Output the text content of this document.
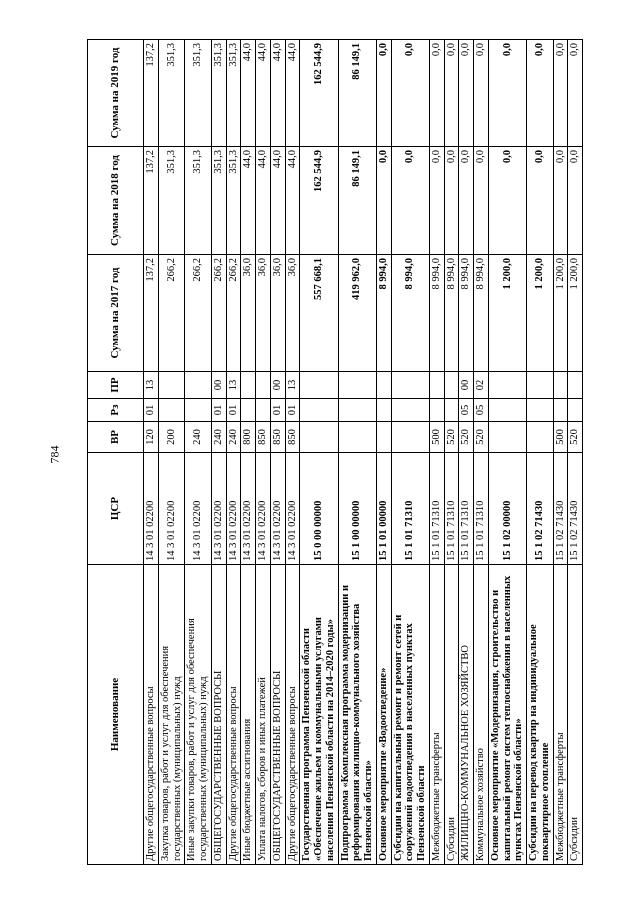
784
Наименование	ЦСР	ВР	Рз	ПР	Сумма на 2017 год	Сумма на 2018 год	Сумма на 2019 год
Другие общегосударственные вопросы	14 3 01 02200	120	01	13	137,2	137,2	137,2
Закупка товаров, работ и услуг для обеспечения государственных (муниципальных) нужд	14 3 01 02200	200			266,2	351,3	351,3
Иные закупки товаров, работ и услуг для обеспечения государственных (муниципальных) нужд	14 3 01 02200	240			266,2	351,3	351,3
ОБЩЕГОСУДАРСТВЕННЫЕ ВОПРОСЫ	14 3 01 02200	240	01	00	266,2	351,3	351,3
Другие общегосударственные вопросы	14 3 01 02200	240	01	13	266,2	351,3	351,3
Иные бюджетные ассигнования	14 3 01 02200	800			36,0	44,0	44,0
Уплата налогов, сборов и иных платежей	14 3 01 02200	850			36,0	44,0	44,0
ОБЩЕГОСУДАРСТВЕННЫЕ ВОПРОСЫ	14 3 01 02200	850	01	00	36,0	44,0	44,0
Другие общегосударственные вопросы	14 3 01 02200	850	01	13	36,0	44,0	44,0
Государственная программа Пензенской области «Обеспечение жильем и коммунальными услугами населения Пензенской области на 2014–2020 годы»	15 0 00 00000				557 668,1	162 544,9	162 544,9
Подпрограмма «Комплексная программа модернизации и реформирования жилищно-коммунального хозяйства Пензенской области»	15 1 00 00000				419 962,0	86 149,1	86 149,1
Основное мероприятие «Водоотведение»	15 1 01 00000				8 994,0	0,0	0,0
Субсидии на капитальный ремонт и ремонт сетей и сооружений водоотведения в населенных пунктах Пензенской области	15 1 01 71310				8 994,0	0,0	0,0
Межбюджетные трансферты	15 1 01 71310	500			8 994,0	0,0	0,0
Субсидии	15 1 01 71310	520			8 994,0	0,0	0,0
ЖИЛИЩНО-КОММУНАЛЬНОЕ ХОЗЯЙСТВО	15 1 01 71310	520	05	00	8 994,0	0,0	0,0
Коммунальное хозяйство	15 1 01 71310	520	05	02	8 994,0	0,0	0,0
Основное мероприятие «Модернизация, строительство и капитальный ремонт систем теплоснабжения в населенных пунктах Пензенской области»	15 1 02 00000				1 200,0	0,0	0,0
Субсидии на перевод квартир на индивидуальное поквартирное отопление	15 1 02 71430				1 200,0	0,0	0,0
Межбюджетные трансферты	15 1 02 71430	500			1 200,0	0,0	0,0
Субсидии	15 1 02 71430	520			1 200,0	0,0	0,0
